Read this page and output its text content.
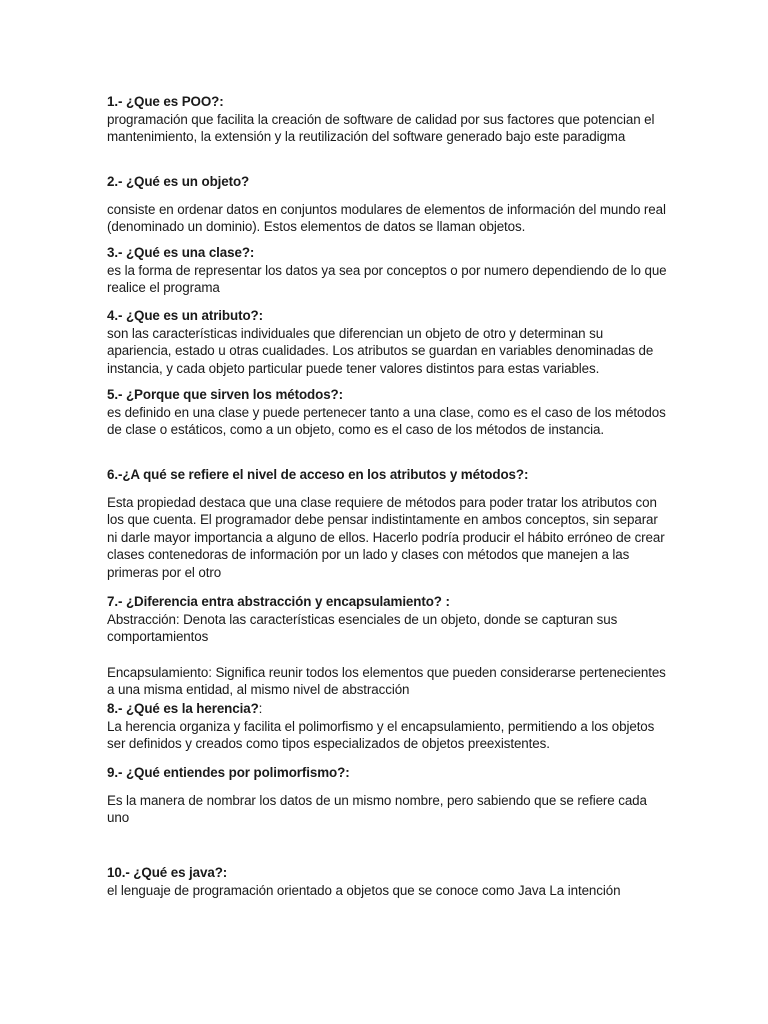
1.- ¿Que es POO?:

programación que facilita la creación de software de calidad por sus factores que potencian el mantenimiento, la extensión y la reutilización del software generado bajo este paradigma

2.- ¿Qué es un objeto?

consiste en ordenar datos en conjuntos modulares de elementos de información del mundo real (denominado un dominio). Estos elementos de datos se llaman objetos.

3.- ¿Qué es una clase?:

es la forma de representar los datos ya sea por conceptos o por numero dependiendo de lo que realice el programa

4.- ¿Que es un atributo?:

son las características individuales que diferencian un objeto de otro y determinan su apariencia, estado u otras cualidades. Los atributos se guardan en variables denominadas de instancia, y cada objeto particular puede tener valores distintos para estas variables.

5.- ¿Porque que sirven los métodos?:

es definido en una clase y puede pertenecer tanto a una clase, como es el caso de los métodos de clase o estáticos, como a un objeto, como es el caso de los métodos de instancia.

6.-¿A qué se refiere el nivel de acceso en los atributos y métodos?:

Esta propiedad destaca que una clase requiere de métodos para poder tratar los atributos con los que cuenta. El programador debe pensar indistintamente en ambos conceptos, sin separar ni darle mayor importancia a alguno de ellos. Hacerlo podría producir el hábito erróneo de crear clases contenedoras de información por un lado y clases con métodos que manejen a las primeras por el otro

7.- ¿Diferencia entra abstracción y encapsulamiento? :

Abstracción: Denota las características esenciales de un objeto, donde se capturan sus comportamientos

Encapsulamiento: Significa reunir todos los elementos que pueden considerarse pertenecientes a una misma entidad, al mismo nivel de abstracción

8.- ¿Qué es la herencia?:

La herencia organiza y facilita el polimorfismo y el encapsulamiento, permitiendo a los objetos ser definidos y creados como tipos especializados de objetos preexistentes.

9.- ¿Qué entiendes por polimorfismo?:

Es la manera de nombrar los datos de un mismo nombre, pero sabiendo que se refiere cada uno

10.- ¿Qué es java?:

el lenguaje de programación orientado a objetos que se conoce como Java La intención
